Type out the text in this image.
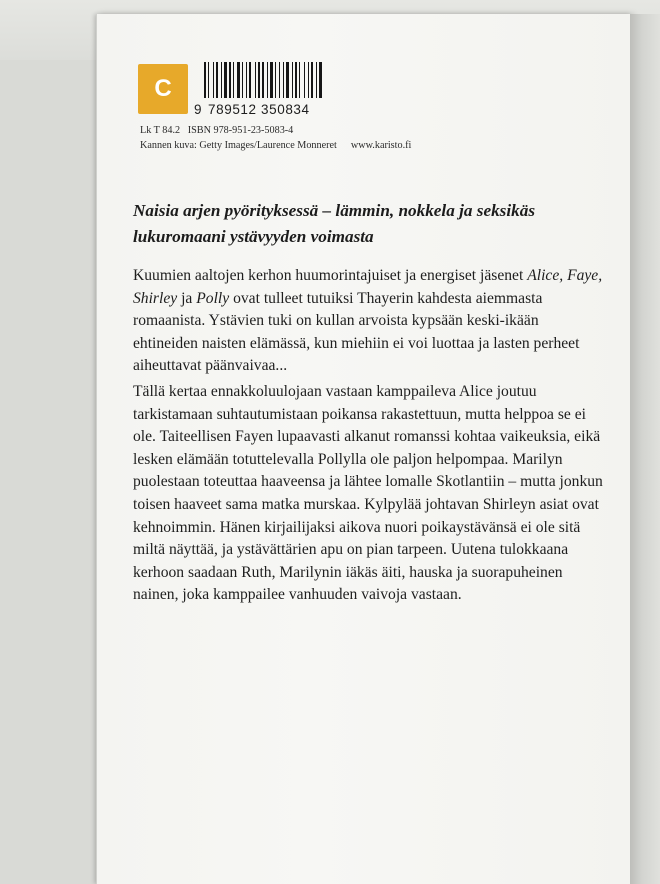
C
9 789512 350834
Lk T 84.2 ISBN 978-951-23-5083-4
Kannen kuva: Getty Images/Laurence Monneret www.karisto.fi

Naisia arjen pyörityksessä – lämmin, nokkela ja seksikäs lukuromaani ystävyyden voimasta

Kuumien aaltojen kerhon huumorintajuiset ja energiset jäsenet Alice, Faye, Shirley ja Polly ovat tulleet tutuiksi Thayerin kahdesta aiemmasta romaanista. Ystävien tuki on kullan arvoista kypsään keski-ikään ehtineiden naisten elämässä, kun miehiin ei voi luottaa ja lasten perheet aiheuttavat päänvaivaa...

Tällä kertaa ennakkoluulojaan vastaan kamppaileva Alice joutuu tarkistamaan suhtautumistaan poikansa rakastettuun, mutta helppoa se ei ole. Taiteellisen Fayen lupaavasti alkanut romanssi kohtaa vaikeuksia, eikä lesken elämään totuttelevalla Pollylla ole paljon helpompaa. Marilyn puolestaan toteuttaa haaveensa ja lähtee lomalle Skotlantiin – mutta jonkun toisen haaveet sama matka murskaa. Kylpylää johtavan Shirleyn asiat ovat kehnoimmin. Hänen kirjailijaksi aikova nuori poikaystävänsä ei ole sitä miltä näyttää, ja ystävättärien apu on pian tarpeen. Uutena tulokkaana kerhoon saadaan Ruth, Marilynin iäkäs äiti, hauska ja suorapuheinen nainen, joka kamppailee vanhuuden vaivoja vastaan.
